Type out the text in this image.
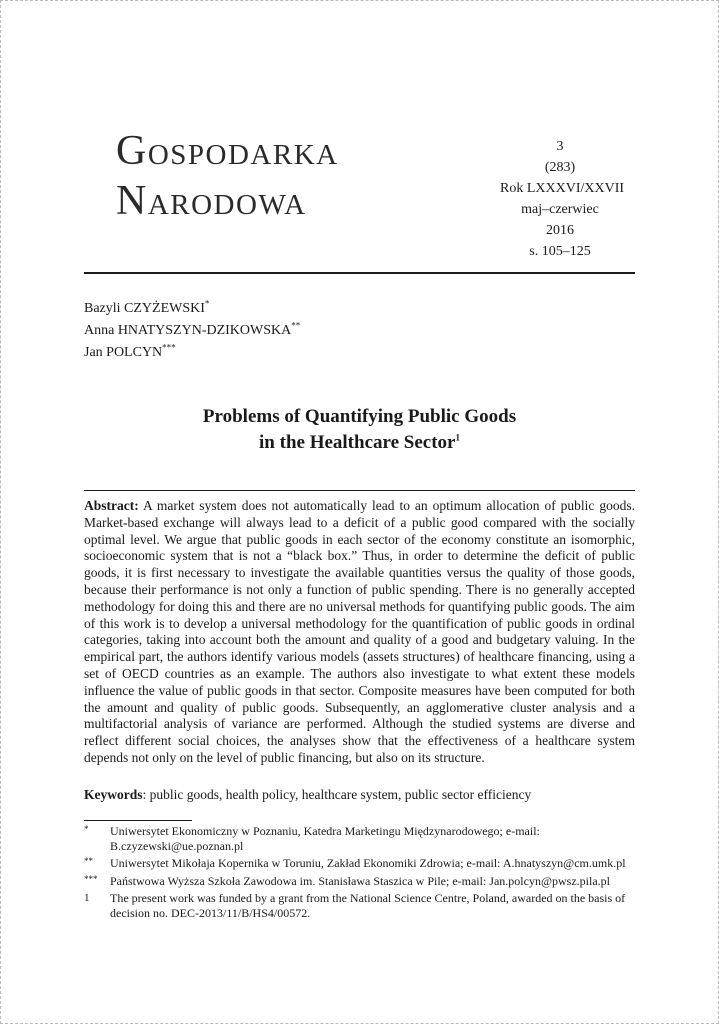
Gospodarka
Narodowa
3
(283)
Rok LXXXVI/XXVII
maj–czerwiec
2016
s. 105–125
Bazyli CZYŻEWSKI*
Anna HNATYSZYN-DZIKOWSKA**
Jan POLCYN***
Problems of Quantifying Public Goods
in the Healthcare Sector$^1$
Abstract: A market system does not automatically lead to an optimum allocation of public goods. Market-based exchange will always lead to a deficit of a public good compared with the socially optimal level. We argue that public goods in each sector of the economy constitute an isomorphic, socioeconomic system that is not a “black box.” Thus, in order to determine the deficit of public goods, it is first necessary to investigate the available quantities versus the quality of those goods, because their performance is not only a function of public spending. There is no generally accepted methodology for doing this and there are no universal methods for quantifying public goods. The aim of this work is to develop a universal methodology for the quantification of public goods in ordinal categories, taking into account both the amount and quality of a good and budgetary valuing. In the empirical part, the authors identify various models (assets structures) of healthcare financing, using a set of OECD countries as an example. The authors also investigate to what extent these models influence the value of public goods in that sector. Composite measures have been computed for both the amount and quality of public goods. Subsequently, an agglomerative cluster analysis and a multifactorial analysis of variance are performed. Although the studied systems are diverse and reflect different social choices, the analyses show that the effectiveness of a healthcare system depends not only on the level of public financing, but also on its structure.
Keywords: public goods, health policy, healthcare system, public sector efficiency
* Uniwersytet Ekonomiczny w Poznaniu, Katedra Marketingu Międzynarodowego; e-mail: B.czyzewski@ue.poznan.pl
** Uniwersytet Mikołaja Kopernika w Toruniu, Zakład Ekonomiki Zdrowia; e-mail: A.hnatyszyn@cm.umk.pl
*** Państwowa Wyższa Szkoła Zawodowa im. Stanisława Staszica w Pile; e-mail: Jan.polcyn@pwsz.pila.pl
1 The present work was funded by a grant from the National Science Centre, Poland, awarded on the basis of decision no. DEC-2013/11/B/HS4/00572.
